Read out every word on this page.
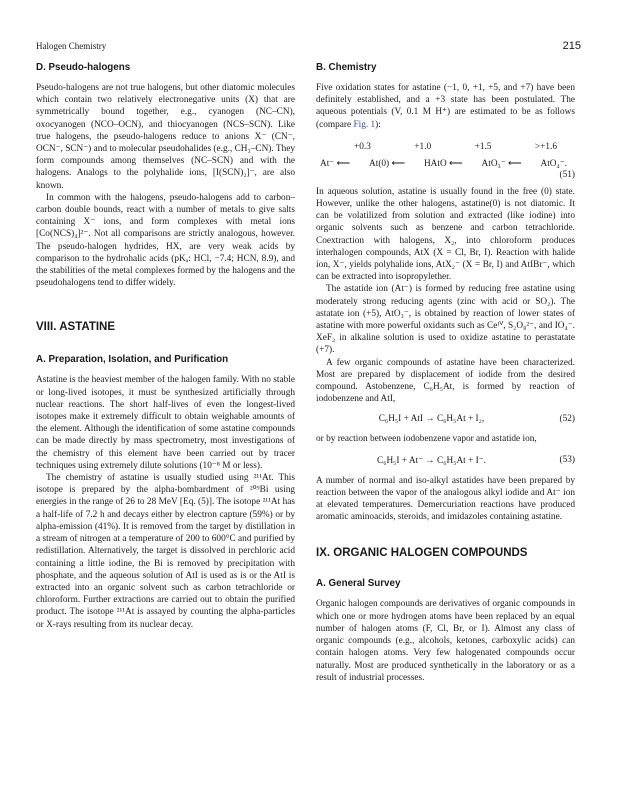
Halogen Chemistry	215
D. Pseudo-halogens

Pseudo-halogens are not true halogens, but other diatomic molecules which contain two relatively electronegative units (X) that are symmetrically bound together, e.g., cyanogen (NC–CN), oxocyanogen (NCO–OCN), and thiocyanogen (NCS–SCN). Like true halogens, the pseudo-halogens reduce to anions X⁻ (CN⁻, OCN⁻, SCN⁻) and to molecular pseudohalides (e.g., CH₃–CN). They form compounds among themselves (NC–SCN) and with the halogens. Analogs to the polyhalide ions, [I(SCN)₂]⁻, are also known.

In common with the halogens, pseudo-halogens add to carbon–carbon double bounds, react with a number of metals to give salts containing X⁻ ions, and form complexes with metal ions [Co(NCS)₄]²⁻. Not all comparisons are strictly analogous, however. The pseudo-halogen hydrides, HX, are very weak acids by comparison to the hydrohalic acids (pKₐ: HCl, −7.4; HCN, 8.9), and the stabilities of the metal complexes formed by the halogens and the pseudohalogens tend to differ widely.

VIII. ASTATINE
A. Preparation, Isolation, and Purification

Astatine is the heaviest member of the halogen family. With no stable or long-lived isotopes, it must be synthesized artificially through nuclear reactions. The short half-lives of even the longest-lived isotopes make it extremely difficult to obtain weighable amounts of the element. Although the identification of some astatine compounds can be made directly by mass spectrometry, most investigations of the chemistry of this element have been carried out by tracer techniques using extremely dilute solutions (10⁻⁸ M or less).

The chemistry of astatine is usually studied using ²¹¹At. This isotope is prepared by the alpha-bombardment of ²⁰⁹Bi using energies in the range of 26 to 28 MeV [Eq. (5)]. The isotope ²¹¹At has a half-life of 7.2 h and decays either by electron capture (59%) or by alpha-emission (41%). It is removed from the target by distillation in a stream of nitrogen at a temperature of 200 to 600°C and purified by redistillation. Alternatively, the target is dissolved in perchloric acid containing a little iodine, the Bi is removed by precipitation with phosphate, and the aqueous solution of AtI is used as is or the AtI is extracted into an organic solvent such as carbon tetrachloride or chloroform. Further extractions are carried out to obtain the purified product. The isotope ²¹¹At is assayed by counting the alpha-particles or X-rays resulting from its nuclear decay.

B. Chemistry

Five oxidation states for astatine (−1, 0, +1, +5, and +7) have been definitely established, and a +3 state has been postulated. The aqueous potentials (V, 0.1 M H⁺) are estimated to be as follows (compare Fig. 1):

+0.3	+1.0	+1.5	>+1.6
At⁻ ⟵ At(0) ⟵ HAtO ⟵ AtO₃⁻ ⟵ AtO₄⁻.
(51)

In aqueous solution, astatine is usually found in the free (0) state. However, unlike the other halogens, astatine(0) is not diatomic. It can be volatilized from solution and extracted (like iodine) into organic solvents such as benzene and carbon tetrachloride. Coextraction with halogens, X₂, into chloroform produces interhalogen compounds, AtX (X = Cl, Br, I). Reaction with halide ion, X⁻, yields polyhalide ions, AtX₂⁻ (X = Br, I) and AtIBr⁻, which can be extracted into isopropylether.

The astatide ion (At⁻) is formed by reducing free astatine using moderately strong reducing agents (zinc with acid or SO₂). The astatate ion (+5), AtO₃⁻, is obtained by reaction of lower states of astatine with more powerful oxidants such as Ceᴵⱽ, S₂O₈²⁻, and IO₄⁻. XeF₂ in alkaline solution is used to oxidize astatine to perastatate (+7).

A few organic compounds of astatine have been characterized. Most are prepared by displacement of iodide from the desired compound. Astobenzene, C₆H₅At, is formed by reaction of iodobenzene and AtI,

C₆H₅I + AtI → C₆H₅At + I₂,	(52)

or by reaction between iodobenzene vapor and astatide ion,

C₆H₅I + At⁻ → C₆H₅At + I⁻.	(53)

A number of normal and iso-alkyl astatides have been prepared by reaction between the vapor of the analogous alkyl iodide and At⁻ ion at elevated temperatures. Demercuriation reactions have produced aromatic aminoacids, steroids, and imidazoles containing astatine.

IX. ORGANIC HALOGEN COMPOUNDS
A. General Survey

Organic halogen compounds are derivatives of organic compounds in which one or more hydrogen atoms have been replaced by an equal number of halogen atoms (F, Cl, Br, or I). Almost any class of organic compounds (e.g., alcohols, ketones, carboxylic acids) can contain halogen atoms. Very few halogenated compounds occur naturally. Most are produced synthetically in the laboratory or as a result of industrial processes.
